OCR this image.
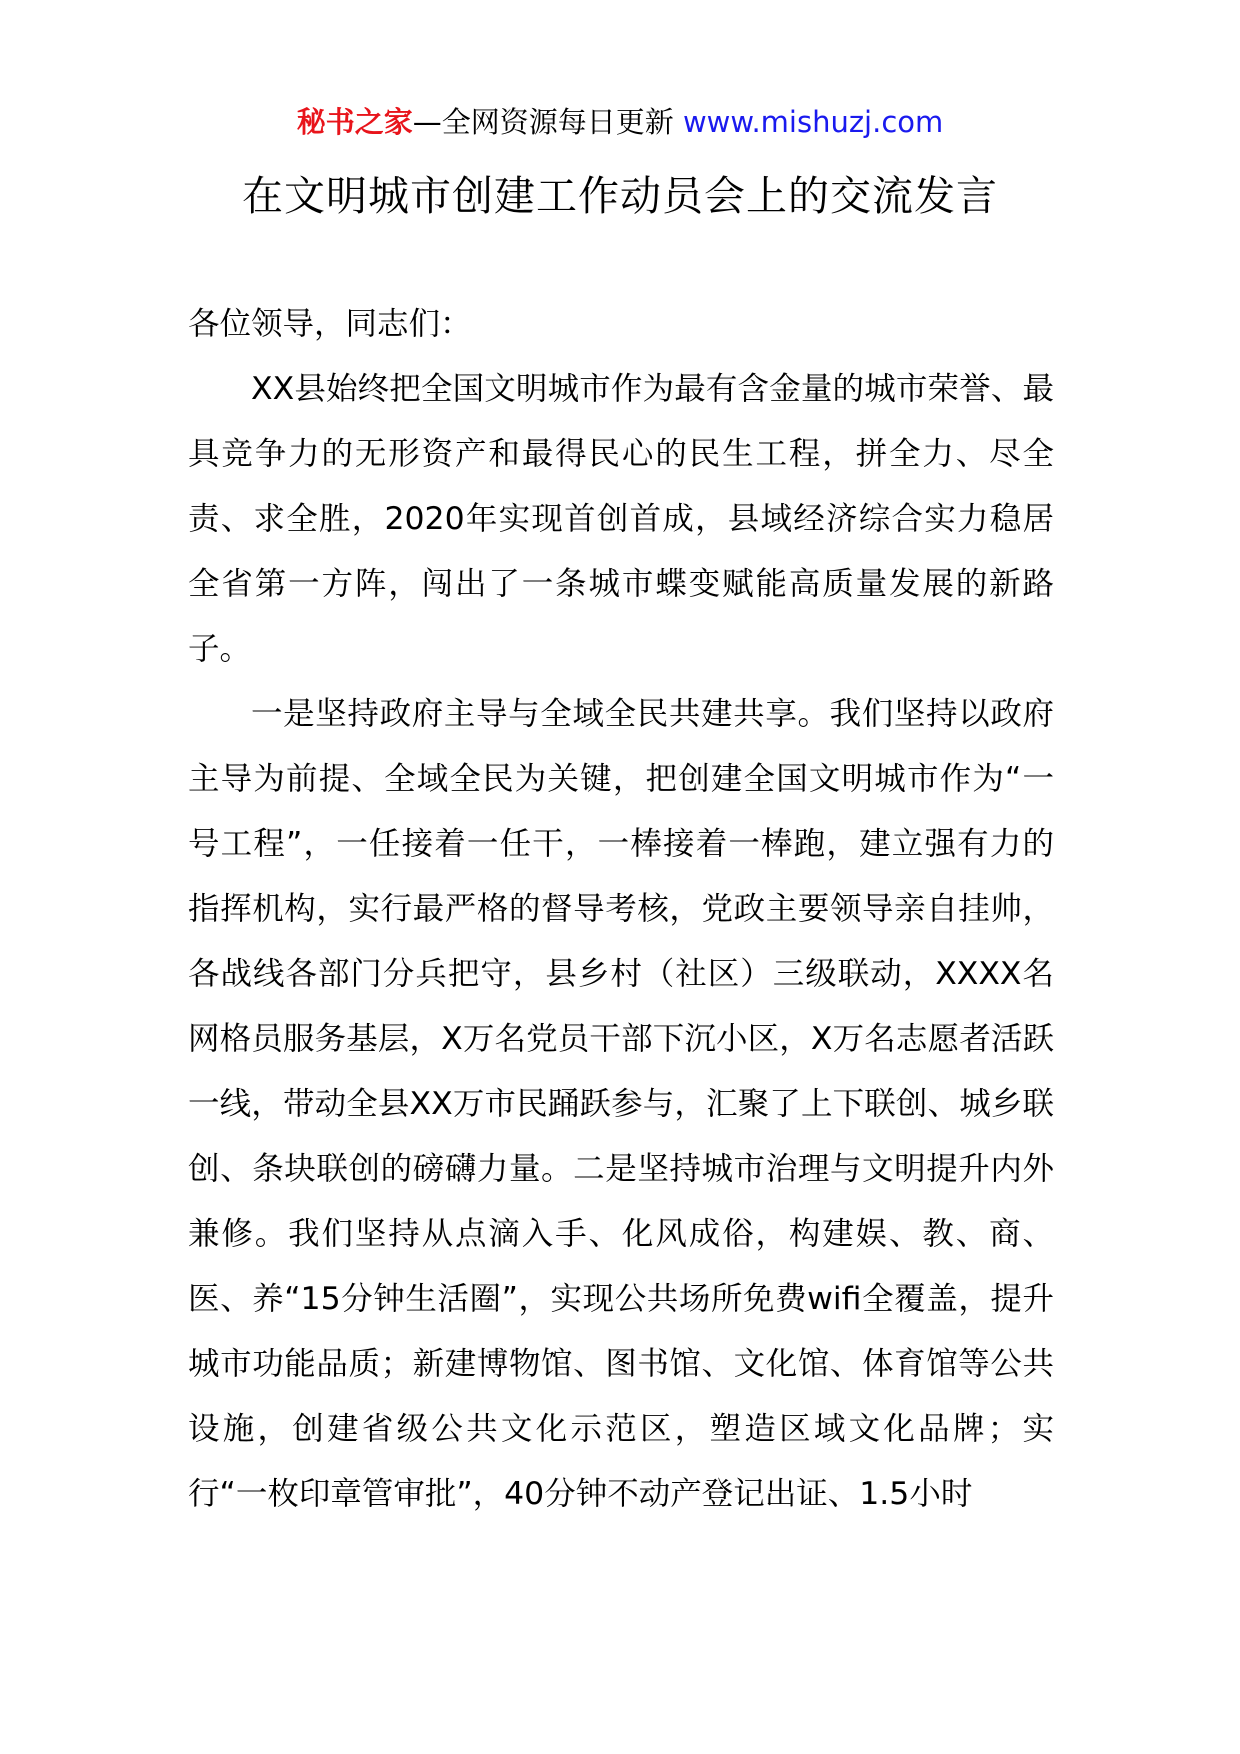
秘书之家—全网资源每日更新 www.mishuzj.com
在文明城市创建工作动员会上的交流发言

各位领导，同志们：

XX县始终把全国文明城市作为最有含金量的城市荣誉、最具竞争力的无形资产和最得民心的民生工程，拼全力、尽全责、求全胜，2020年实现首创首成，县域经济综合实力稳居全省第一方阵，闯出了一条城市蝶变赋能高质量发展的新路子。

一是坚持政府主导与全域全民共建共享。我们坚持以政府主导为前提、全域全民为关键，把创建全国文明城市作为“一号工程”，一任接着一任干，一棒接着一棒跑，建立强有力的指挥机构，实行最严格的督导考核，党政主要领导亲自挂帅，各战线各部门分兵把守，县乡村（社区）三级联动，XXXX名网格员服务基层，X万名党员干部下沉小区，X万名志愿者活跃一线，带动全县XX万市民踊跃参与，汇聚了上下联创、城乡联创、条块联创的磅礴力量。二是坚持城市治理与文明提升内外兼修。我们坚持从点滴入手、化风成俗，构建娱、教、商、医、养“15分钟生活圈”，实现公共场所免费wifi全覆盖，提升城市功能品质；新建博物馆、图书馆、文化馆、体育馆等公共设施，创建省级公共文化示范区，塑造区域文化品牌；实行“一枚印章管审批”，40分钟不动产登记出证、1.5小时
